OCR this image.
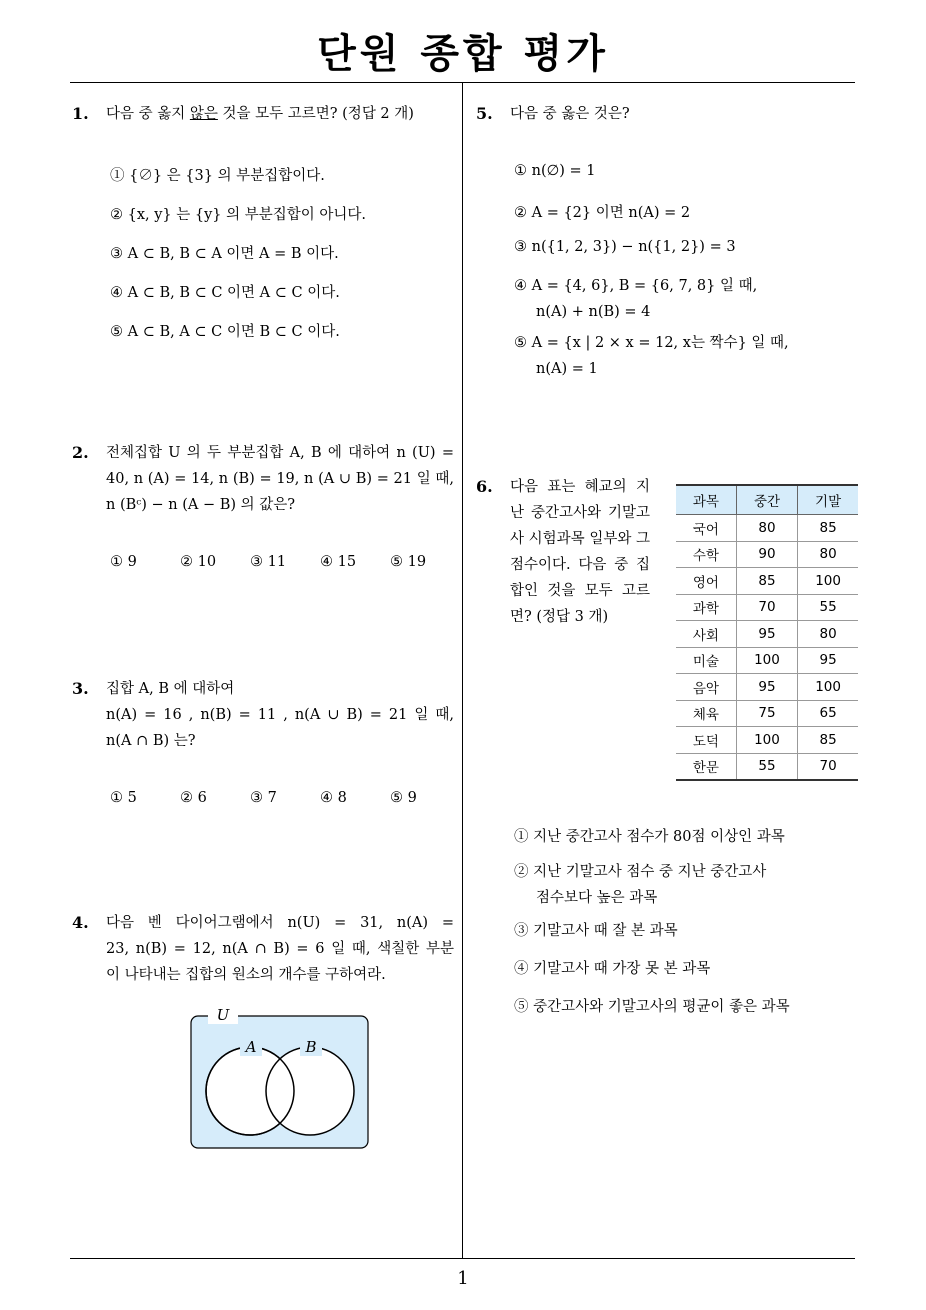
단원 종합 평가
1. 다음 중 옳지 않은 것을 모두 고르면? (정답 2 개)
① {∅} 은 {3} 의 부분집합이다.
② {x, y} 는 {y} 의 부분집합이 아니다.
③ A ⊂ B, B ⊂ A 이면 A = B 이다.
④ A ⊂ B, B ⊂ C 이면 A ⊂ C 이다.
⑤ A ⊂ B, A ⊂ C 이면 B ⊂ C 이다.
2. 전체집합 U 의 두 부분집합 A, B 에 대하여 n (U) =
40, n (A) = 14, n (B) = 19, n (A ∪ B) = 21 일 때,
n (Bᶜ) − n (A − B) 의 값은?
① 9	② 10 ③ 11 ④ 15 ⑤ 19
3. 집합 A, B 에 대하여
n(A) = 16 , n(B) = 11 , n(A ∪ B) = 21 일 때,
n(A ∩ B) 는?
① 5	② 6	③ 7	④ 8	⑤ 9
4. 다음 벤 다이어그램에서 n(U) = 31, n(A) =
23, n(B) = 12, n(A ∩ B) = 6 일 때, 색칠한 부분
이 나타내는 집합의 원소의 개수를 구하여라.
U
A	B
5. 다음 중 옳은 것은?
① n(∅) = 1
② A = {2} 이면 n(A) = 2
③ n({1, 2, 3}) − n({1, 2}) = 3
④ A = {4, 6}, B = {6, 7, 8} 일 때,
n(A) + n(B) = 4
⑤ A = {x | 2 × x = 12, x는 짝수} 일 때,
n(A) = 1
6. 다음 표는 혜교의 지
난 중간고사와 기말고
사 시험과목 일부와 그
점수이다. 다음 중 집
합인 것을 모두 고르
면? (정답 3 개)
과목	중간	기말
국어	80	85
수학	90	80
영어	85	100
과학	70	55
사회	95	80
미술	100	95
음악	95	100
체육	75	65
도덕	100	85
한문	55	70
① 지난 중간고사 점수가 80점 이상인 과목
② 지난 기말고사 점수 중 지난 중간고사
점수보다 높은 과목
③ 기말고사 때 잘 본 과목
④ 기말고사 때 가장 못 본 과목
⑤ 중간고사와 기말고사의 평균이 좋은 과목
1
